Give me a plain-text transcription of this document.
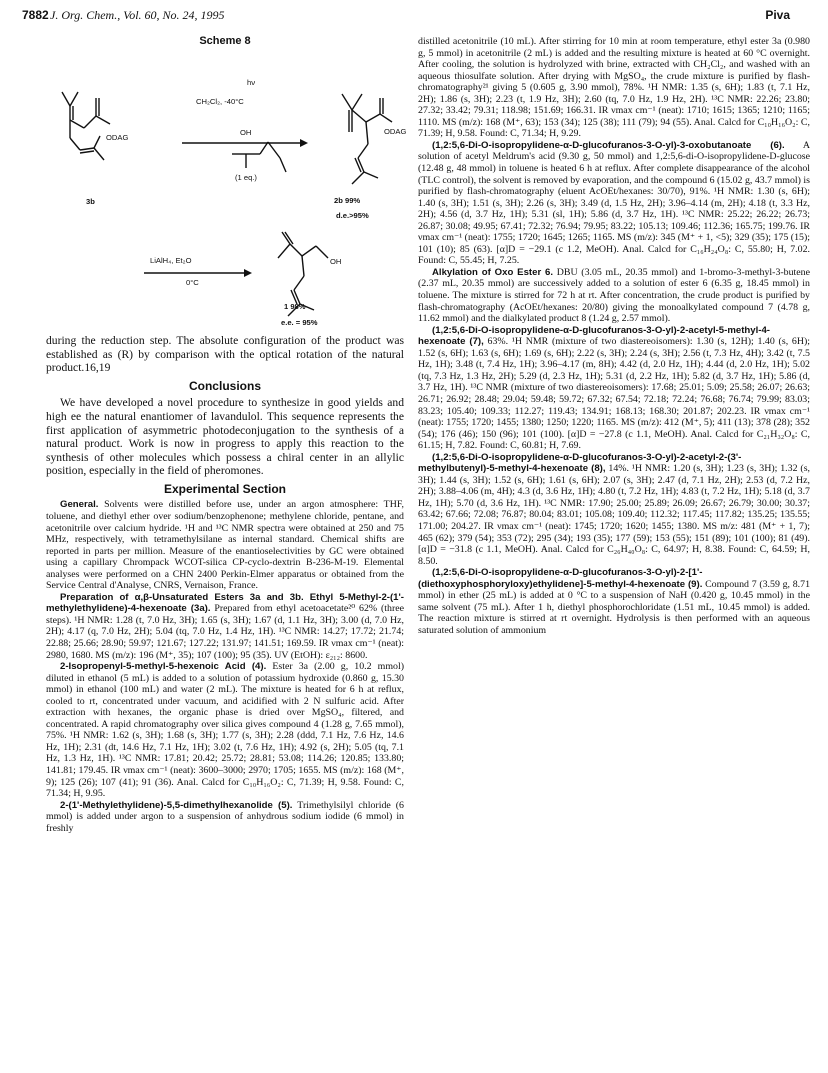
7882 J. Org. Chem., Vol. 60, No. 24, 1995	Piva
Scheme 8
hν
CH₂Cl₂, -40°C
ODAG
3b
OH
(1 eq.)
ODAG
2b 99%
d.e.>95%
LiAlH₄, Et₂O
0°C
OH
1 98%
e.e. = 95%

during the reduction step. The absolute configuration of the product was established as (R) by comparison with the optical rotation of the natural product.16,19

Conclusions

We have developed a novel procedure to synthesize in good yields and high ee the natural enantiomer of lavandulol. This sequence represents the first application of asymmetric photodeconjugation to the synthesis of a natural product. Work is now in progress to apply this reaction to the synthesis of other molecules which possess a chiral center in an allylic position, especially in the field of pheromones.

Experimental Section

General. Solvents were distilled before use, under an argon atmosphere: THF, toluene, and diethyl ether over sodium/benzophenone; methylene chloride, pentane, and acetonitrile over calcium hydride. ¹H and ¹³C NMR spectra were obtained at 250 and 75 MHz, respectively, with tetramethylsilane as internal standard. Chemical shifts are reported in parts per million. Measure of the enantioselectivities by GC were obtained using a capillary Chrompack WCOT-silica CP-cyclo-dextrin B-236-M-19. Elemental analyses were performed on a CHN 2400 Perkin-Elmer apparatus or obtained from the Service Central d'Analyse, CNRS, Vernaison, France.

Preparation of α,β-Unsaturated Esters 3a and 3b. Ethyl 5-Methyl-2-(1'-methylethylidene)-4-hexenoate (3a). Prepared from ethyl acetoacetate²⁰ 62% (three steps). ¹H NMR: 1.28 (t, 7.0 Hz, 3H); 1.65 (s, 3H); 1.67 (d, 1.1 Hz, 3H); 3.00 (d, 7.0 Hz, 2H); 4.17 (q, 7.0 Hz, 2H); 5.04 (tq, 7.0 Hz, 1.4 Hz, 1H). ¹³C NMR: 14.27; 17.72; 21.74; 22.88; 25.66; 28.90; 59.97; 121.67; 127.22; 131.97; 141.51; 169.59. IR νmax cm⁻¹ (neat): 2980, 1680. MS (m/z): 196 (M⁺, 35); 107 (100); 95 (35). UV (EtOH): ε₂₁₂: 8600.

2-Isopropenyl-5-methyl-5-hexenoic Acid (4). Ester 3a (2.00 g, 10.2 mmol) diluted in ethanol (5 mL) is added to a solution of potassium hydroxide (0.860 g, 15.30 mmol) in ethanol (100 mL) and water (2 mL). The mixture is heated for 6 h at reflux, cooled to rt, concentrated under vacuum, and acidified with 2 N sulfuric acid. After extraction with hexanes, the organic phase is dried over MgSO₄, filtered, and concentrated. A rapid chromatography over silica gives compound 4 (1.28 g, 7.65 mmol), 75%. ¹H NMR: 1.62 (s, 3H); 1.68 (s, 3H); 1.77 (s, 3H); 2.28 (ddd, 7.1 Hz, 7.6 Hz, 14.6 Hz, 1H); 2.31 (dt, 14.6 Hz, 7.1 Hz, 1H); 3.02 (t, 7.6 Hz, 1H); 4.92 (s, 2H); 5.05 (tq, 7.1 Hz, 1.3 Hz, 1H). ¹³C NMR: 17.81; 20.42; 25.72; 28.81; 53.08; 114.26; 120.85; 133.80; 141.81; 179.45. IR νmax cm⁻¹ (neat): 3600–3000; 2970; 1705; 1655. MS (m/z): 168 (M⁺, 9); 125 (26); 107 (41); 91 (36). Anal. Calcd for C₁₀H₁₆O₂: C, 71.39; H, 9.58. Found: C, 71.34; H, 9.95.

2-(1'-Methylethylidene)-5,5-dimethylhexanolide (5). Trimethylsilyl chloride (6 mmol) is added under argon to a suspension of anhydrous sodium iodide (6 mmol) in freshly

distilled acetonitrile (10 mL). After stirring for 10 min at room temperature, ethyl ester 3a (0.980 g, 5 mmol) in acetonitrile (2 mL) is added and the resulting mixture is heated at 60 °C overnight. After cooling, the solution is hydrolyzed with brine, extracted with CH₂Cl₂, and washed with an aqueous thiosulfate solution. After drying with MgSO₄, the crude mixture is purified by flash-chromatography²¹ giving 5 (0.605 g, 3.90 mmol), 78%. ¹H NMR: 1.35 (s, 6H); 1.83 (t, 7.1 Hz, 2H); 1.86 (s, 3H); 2.23 (t, 1.9 Hz, 3H); 2.60 (tq, 7.0 Hz, 1.9 Hz, 2H). ¹³C NMR: 22.26; 23.80; 27.32; 33.42; 79.31; 118.98; 151.69; 166.31. IR νmax cm⁻¹ (neat): 1710; 1615; 1365; 1210; 1165; 1110. MS (m/z): 168 (M⁺, 63); 153 (34); 125 (38); 111 (79); 94 (55). Anal. Calcd for C₁₀H₁₆O₂: C, 71.39; H, 9.58. Found: C, 71.34; H, 9.29.

(1,2:5,6-Di-O-isopropylidene-α-D-glucofuranos-3-O-yl)-3-oxobutanoate (6). A solution of acetyl Meldrum's acid (9.30 g, 50 mmol) and 1,2:5,6-di-O-isopropylidene-D-glucose (12.48 g, 48 mmol) in toluene is heated 6 h at reflux. After complete disappearance of the alcohol (TLC control), the solvent is removed by evaporation, and the compound 6 (15.02 g, 43.7 mmol) is purified by flash-chromatography (eluent AcOEt/hexanes: 30/70), 91%. ¹H NMR: 1.30 (s, 6H); 1.40 (s, 3H); 1.51 (s, 3H); 2.26 (s, 3H); 3.49 (d, 1.5 Hz, 2H); 3.96–4.14 (m, 2H); 4.18 (t, 3.3 Hz, 2H); 4.56 (d, 3.7 Hz, 1H); 5.31 (sl, 1H); 5.86 (d, 3.7 Hz, 1H). ¹³C NMR: 25.22; 26.22; 26.73; 26.87; 30.08; 49.95; 67.41; 72.32; 76.94; 79.95; 83.22; 105.13; 109.46; 112.36; 165.75; 199.76. IR νmax cm⁻¹ (neat): 1755; 1720; 1645; 1265; 1165. MS (m/z): 345 (M⁺ + 1, <5); 329 (35); 175 (15); 101 (10); 85 (63). [α]D = −29.1 (c 1.2, MeOH). Anal. Calcd for C₁₆H₂₄O₈: C, 55.80; H, 7.02. Found: C, 55.45; H, 7.25.

Alkylation of Oxo Ester 6. DBU (3.05 mL, 20.35 mmol) and 1-bromo-3-methyl-3-butene (2.37 mL, 20.35 mmol) are successively added to a solution of ester 6 (6.35 g, 18.45 mmol) in toluene. The mixture is stirred for 72 h at rt. After concentration, the crude product is purified by flash-chromatography (AcOEt/hexanes: 20/80) giving the monoalkylated compound 7 (4.78 g, 11.62 mmol) and the dialkylated product 8 (1.24 g, 2.57 mmol).

(1,2:5,6-Di-O-isopropylidene-α-D-glucofuranos-3-O-yl)-2-acetyl-5-methyl-4-hexenoate (7), 63%. ¹H NMR (mixture of two diastereoisomers): 1.30 (s, 12H); 1.40 (s, 6H); 1.52 (s, 6H); 1.63 (s, 6H); 1.69 (s, 6H); 2.22 (s, 3H); 2.24 (s, 3H); 2.56 (t, 7.3 Hz, 4H); 3.42 (t, 7.5 Hz, 1H); 3.48 (t, 7.4 Hz, 1H); 3.96–4.17 (m, 8H); 4.42 (d, 2.0 Hz, 1H); 4.44 (d, 2.0 Hz, 1H); 5.02 (tq, 7.3 Hz, 1.3 Hz, 2H); 5.29 (d, 2.3 Hz, 1H); 5.31 (d, 2.2 Hz, 1H); 5.82 (d, 3.7 Hz, 1H); 5.86 (d, 3.7 Hz, 1H). ¹³C NMR (mixture of two diastereoisomers): 17.68; 25.01; 5.09; 25.58; 26.07; 26.63; 26.71; 26.92; 28.48; 29.04; 59.48; 59.72; 67.32; 67.54; 72.18; 72.24; 76.68; 76.74; 79.99; 83.03; 83.23; 105.40; 109.33; 112.27; 119.43; 134.91; 168.13; 168.30; 201.87; 202.23. IR νmax cm⁻¹ (neat): 1755; 1720; 1455; 1380; 1250; 1220; 1165. MS (m/z): 412 (M⁺, 5); 411 (13); 378 (28); 352 (54); 176 (46); 150 (96); 101 (100). [α]D = −27.8 (c 1.1, MeOH). Anal. Calcd for C₂₁H₃₂O₈: C, 61.15; H, 7.82. Found: C, 60.81; H, 7.69.

(1,2:5,6-Di-O-isopropylidene-α-D-glucofuranos-3-O-yl)-2-acetyl-2-(3'-methylbutenyl)-5-methyl-4-hexenoate (8), 14%. ¹H NMR: 1.20 (s, 3H); 1.23 (s, 3H); 1.32 (s, 3H); 1.44 (s, 3H); 1.52 (s, 6H); 1.61 (s, 6H); 2.07 (s, 3H); 2.47 (d, 7.1 Hz, 2H); 2.53 (d, 7.2 Hz, 2H); 3.88–4.06 (m, 4H); 4.3 (d, 3.6 Hz, 1H); 4.80 (t, 7.2 Hz, 1H); 4.83 (t, 7.2 Hz, 1H); 5.18 (d, 3.7 Hz, 1H); 5.70 (d, 3.6 Hz, 1H). ¹³C NMR: 17.90; 25.00; 25.89; 26.09; 26.67; 26.79; 30.00; 30.37; 63.42; 67.66; 72.08; 76.87; 80.04; 83.01; 105.08; 109.40; 112.32; 117.45; 117.82; 135.25; 135.55; 171.00; 204.27. IR νmax cm⁻¹ (neat): 1745; 1720; 1620; 1455; 1380. MS m/z: 481 (M⁺ + 1, 7); 465 (62); 379 (54); 353 (72); 295 (34); 193 (35); 177 (59); 153 (55); 151 (89); 101 (100); 81 (49). [α]D = −31.8 (c 1.1, MeOH). Anal. Calcd for C₂₆H₄₀O₈: C, 64.97; H, 8.38. Found: C, 64.59; H, 8.50.

(1,2:5,6-Di-O-isopropylidene-α-D-glucofuranos-3-O-yl)-2-[1'-(diethoxyphosphoryloxy)ethylidene]-5-methyl-4-hexenoate (9). Compound 7 (3.59 g, 8.71 mmol) in ether (25 mL) is added at 0 °C to a suspension of NaH (0.420 g, 10.45 mmol) in the same solvent (75 mL). After 1 h, diethyl phosphorochloridate (1.51 mL, 10.45 mmol) is added. The reaction mixture is stirred at rt overnight. Hydrolysis is then performed with an aqueous saturated solution of ammonium
